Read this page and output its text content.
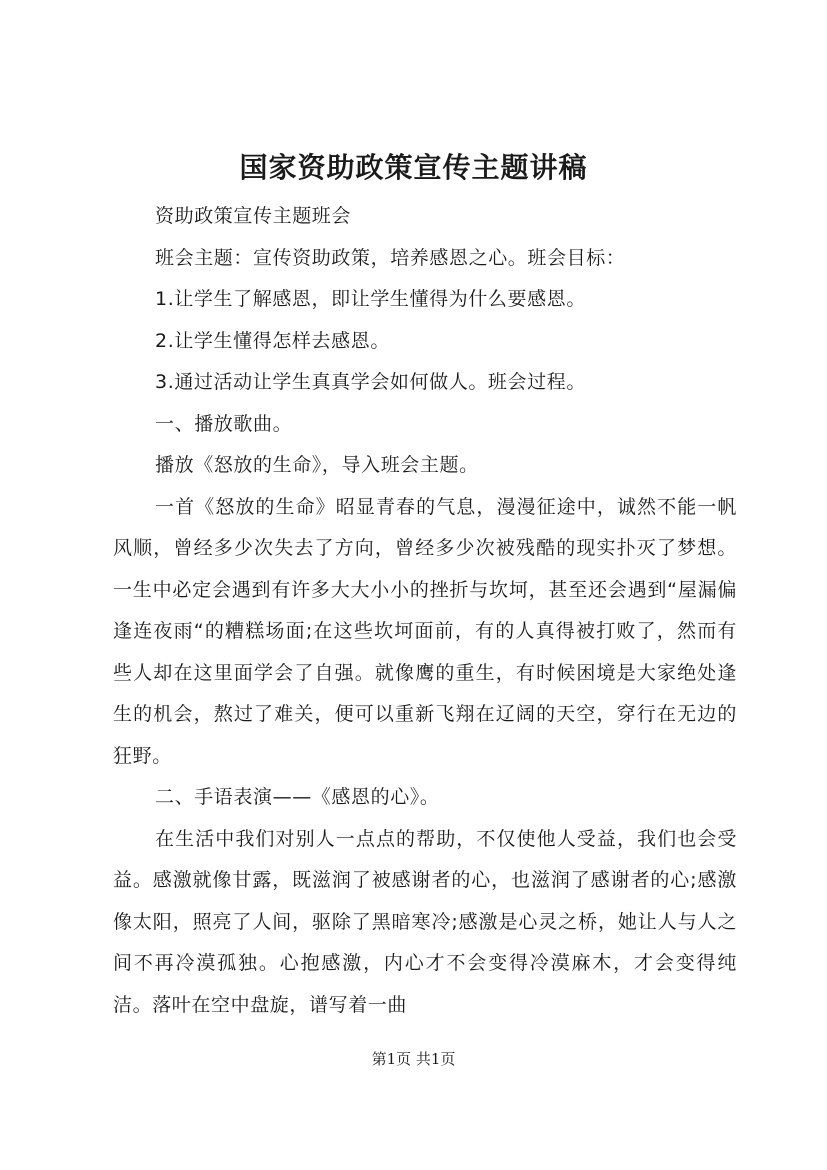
国家资助政策宣传主题讲稿

资助政策宣传主题班会

班会主题：宣传资助政策，培养感恩之心。班会目标：

1.让学生了解感恩，即让学生懂得为什么要感恩。

2.让学生懂得怎样去感恩。

3.通过活动让学生真真学会如何做人。班会过程。

一、播放歌曲。

播放《怒放的生命》，导入班会主题。

一首《怒放的生命》昭显青春的气息，漫漫征途中，诚然不能一帆风顺，曾经多少次失去了方向，曾经多少次被残酷的现实扑灭了梦想。一生中必定会遇到有许多大大小小的挫折与坎坷，甚至还会遇到“屋漏偏逢连夜雨“的糟糕场面;在这些坎坷面前，有的人真得被打败了，然而有些人却在这里面学会了自强。就像鹰的重生，有时候困境是大家绝处逢生的机会，熬过了难关，便可以重新飞翔在辽阔的天空，穿行在无边的狂野。

二、手语表演——《感恩的心》。

在生活中我们对别人一点点的帮助，不仅使他人受益，我们也会受益。感激就像甘露，既滋润了被感谢者的心，也滋润了感谢者的心;感激像太阳，照亮了人间，驱除了黑暗寒冷;感激是心灵之桥，她让人与人之间不再冷漠孤独。心抱感激，内心才不会变得冷漠麻木，才会变得纯洁。落叶在空中盘旋，谱写着一曲

第1页 共1页
